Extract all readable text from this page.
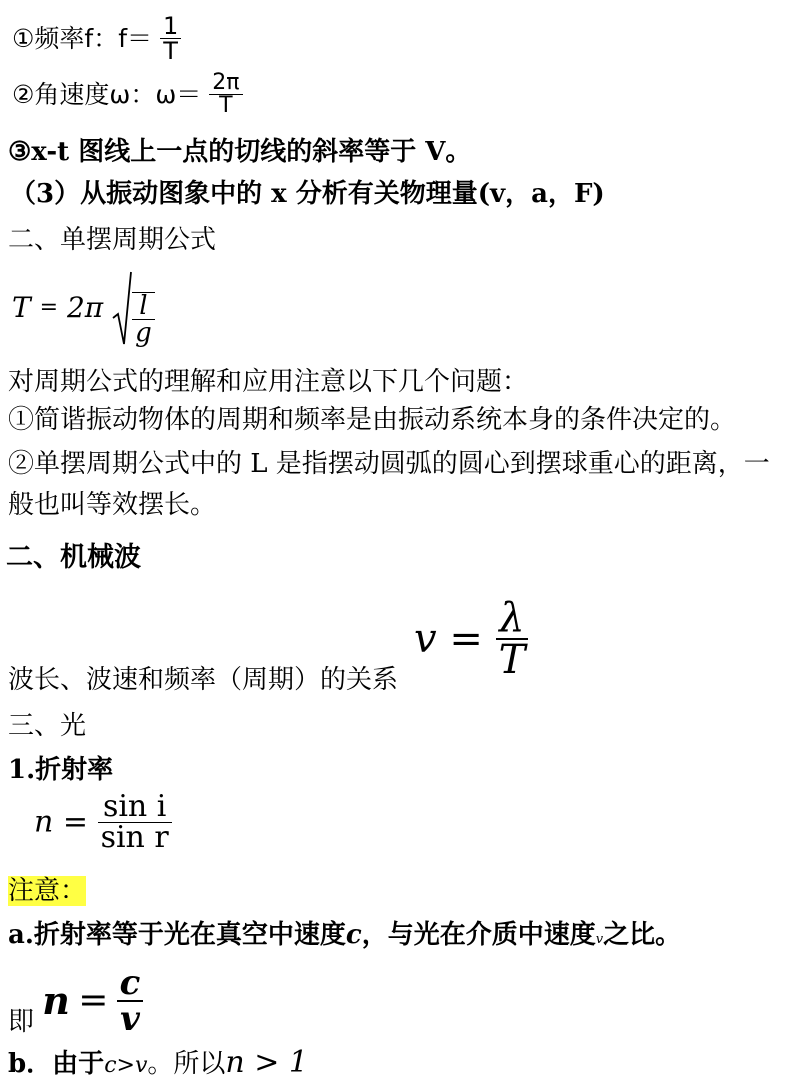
①频率f：$f= \frac{1}{T}$
②角速度ω：$\omega= \frac{2\pi}{T}$
③x-t 图线上一点的切线的斜率等于 V。
（3）从振动图象中的 x 分析有关物理量(v，a，F)
二、单摆周期公式
$T = 2\pi \frac{l}{g}$
对周期公式的理解和应用注意以下几个问题：
①简谐振动物体的周期和频率是由振动系统本身的条件决定的。
②单摆周期公式中的 L 是指摆动圆弧的圆心到摆球重心的距离，一
般也叫等效摆长。
二、机械波
$v = \frac{\lambda}{T}$
波长、波速和频率（周期）的关系
三、光
1.折射率
$n = \frac{\text{sin i}}{\text{sin r}}$
注意：
a.折射率等于光在真空中速度c，与光在介质中速度v之比。
即 $n = \frac{c}{v}$
b．由于c>v。所以n > 1
